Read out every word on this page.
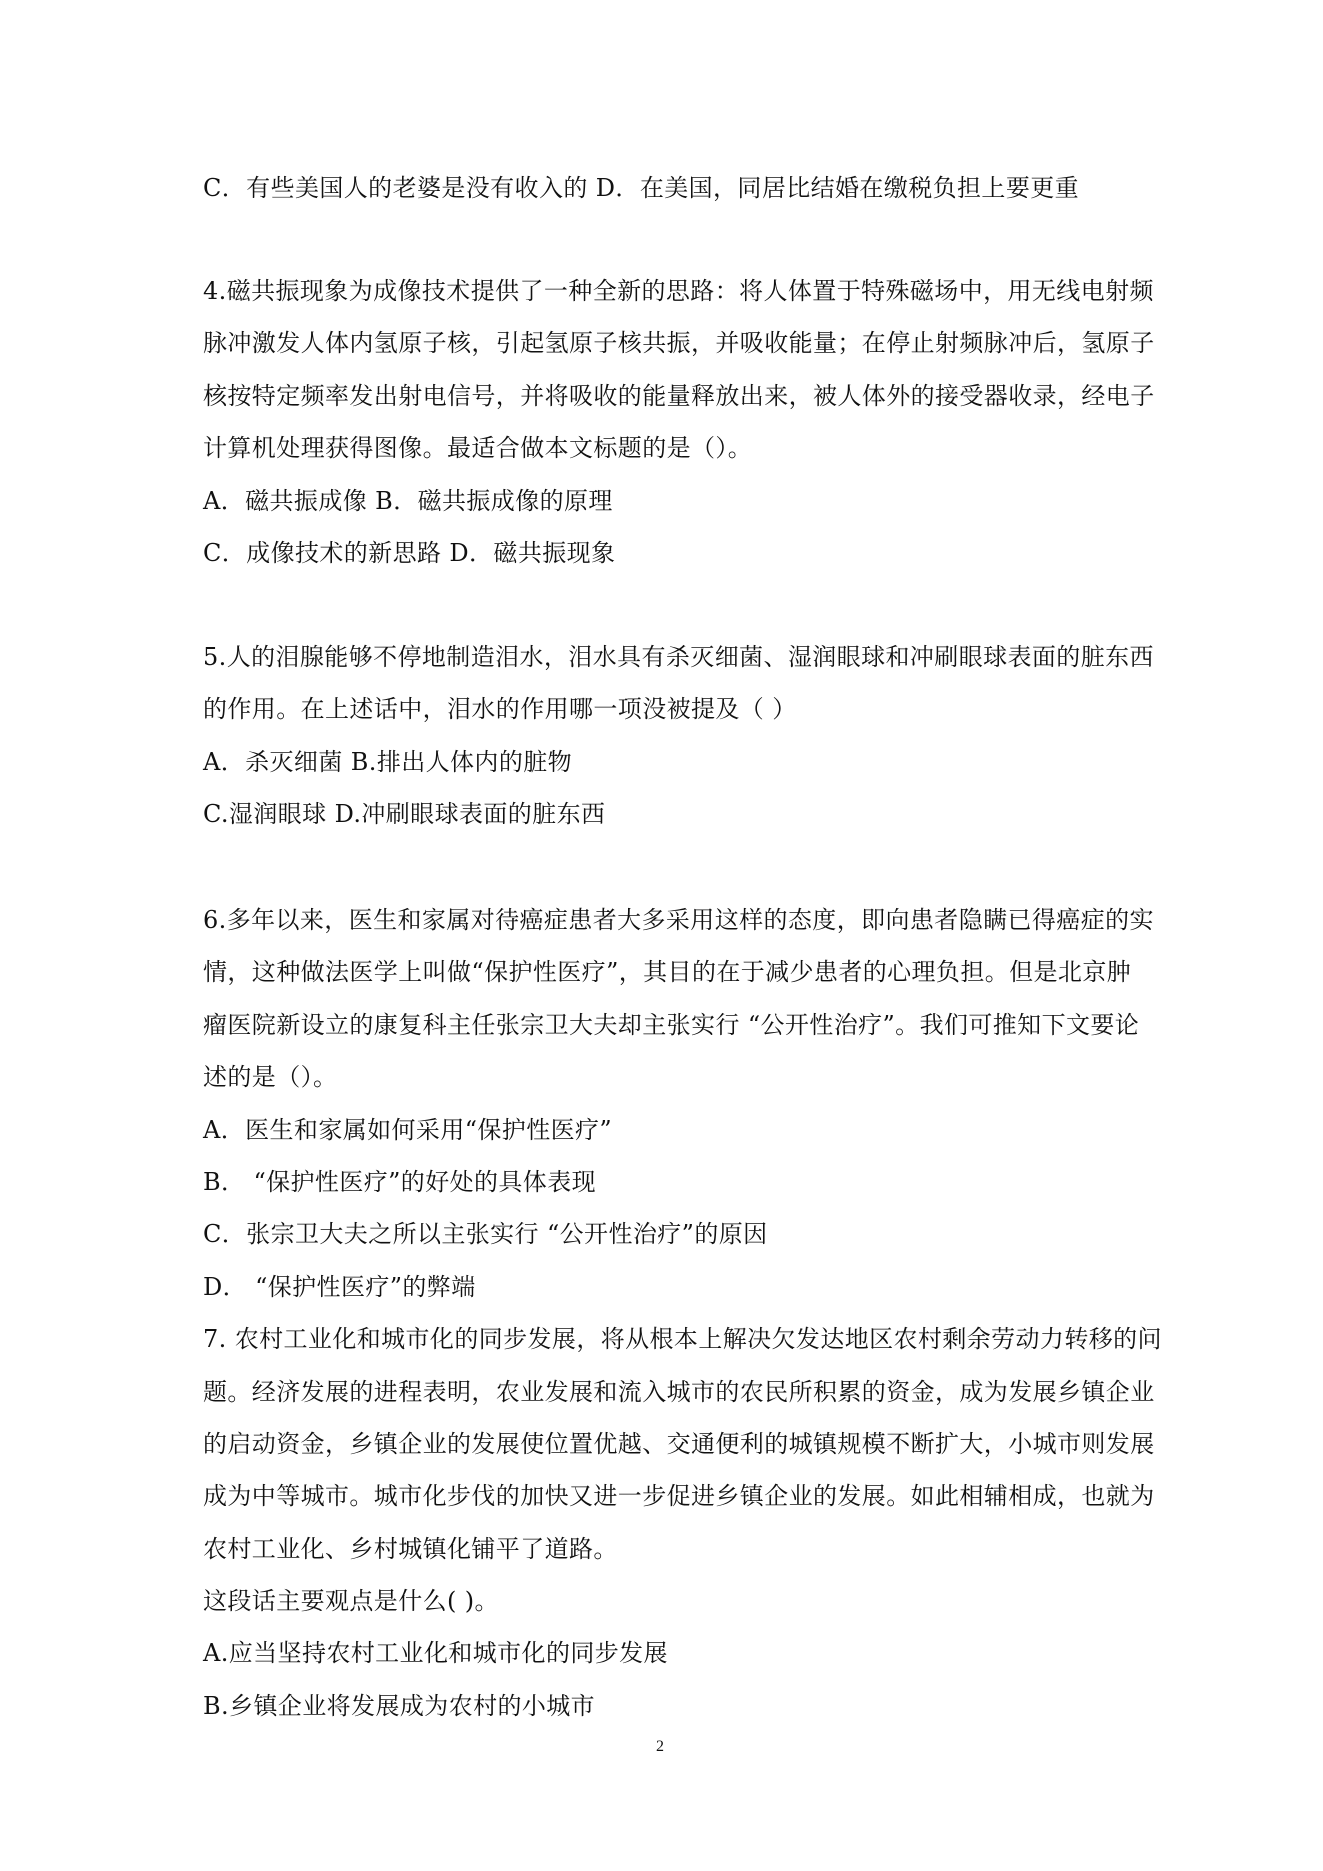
C．有些美国人的老婆是没有收入的 D．在美国，同居比结婚在缴税负担上要更重
4.磁共振现象为成像技术提供了一种全新的思路：将人体置于特殊磁场中，用无线电射频
脉冲激发人体内氢原子核，引起氢原子核共振，并吸收能量；在停止射频脉冲后，氢原子
核按特定频率发出射电信号，并将吸收的能量释放出来，被人体外的接受器收录，经电子
计算机处理获得图像。最适合做本文标题的是（）。
A．磁共振成像 B．磁共振成像的原理
C．成像技术的新思路 D．磁共振现象
5.人的泪腺能够不停地制造泪水，泪水具有杀灭细菌、湿润眼球和冲刷眼球表面的脏东西
的作用。在上述话中，泪水的作用哪一项没被提及（ ）
A．杀灭细菌 B.排出人体内的脏物
C.湿润眼球 D.冲刷眼球表面的脏东西
6.多年以来，医生和家属对待癌症患者大多采用这样的态度，即向患者隐瞒已得癌症的实
情，这种做法医学上叫做“保护性医疗”，其目的在于减少患者的心理负担。但是北京肿
瘤医院新设立的康复科主任张宗卫大夫却主张实行 “公开性治疗”。我们可推知下文要论
述的是（）。
A．医生和家属如何采用“保护性医疗”
B． “保护性医疗”的好处的具体表现
C．张宗卫大夫之所以主张实行 “公开性治疗”的原因
D． “保护性医疗”的弊端
7. 农村工业化和城市化的同步发展，将从根本上解决欠发达地区农村剩余劳动力转移的问
题。经济发展的进程表明，农业发展和流入城市的农民所积累的资金，成为发展乡镇企业
的启动资金，乡镇企业的发展使位置优越、交通便利的城镇规模不断扩大，小城市则发展
成为中等城市。城市化步伐的加快又进一步促进乡镇企业的发展。如此相辅相成，也就为
农村工业化、乡村城镇化铺平了道路。
这段话主要观点是什么( )。
A.应当坚持农村工业化和城市化的同步发展
B.乡镇企业将发展成为农村的小城市
2
